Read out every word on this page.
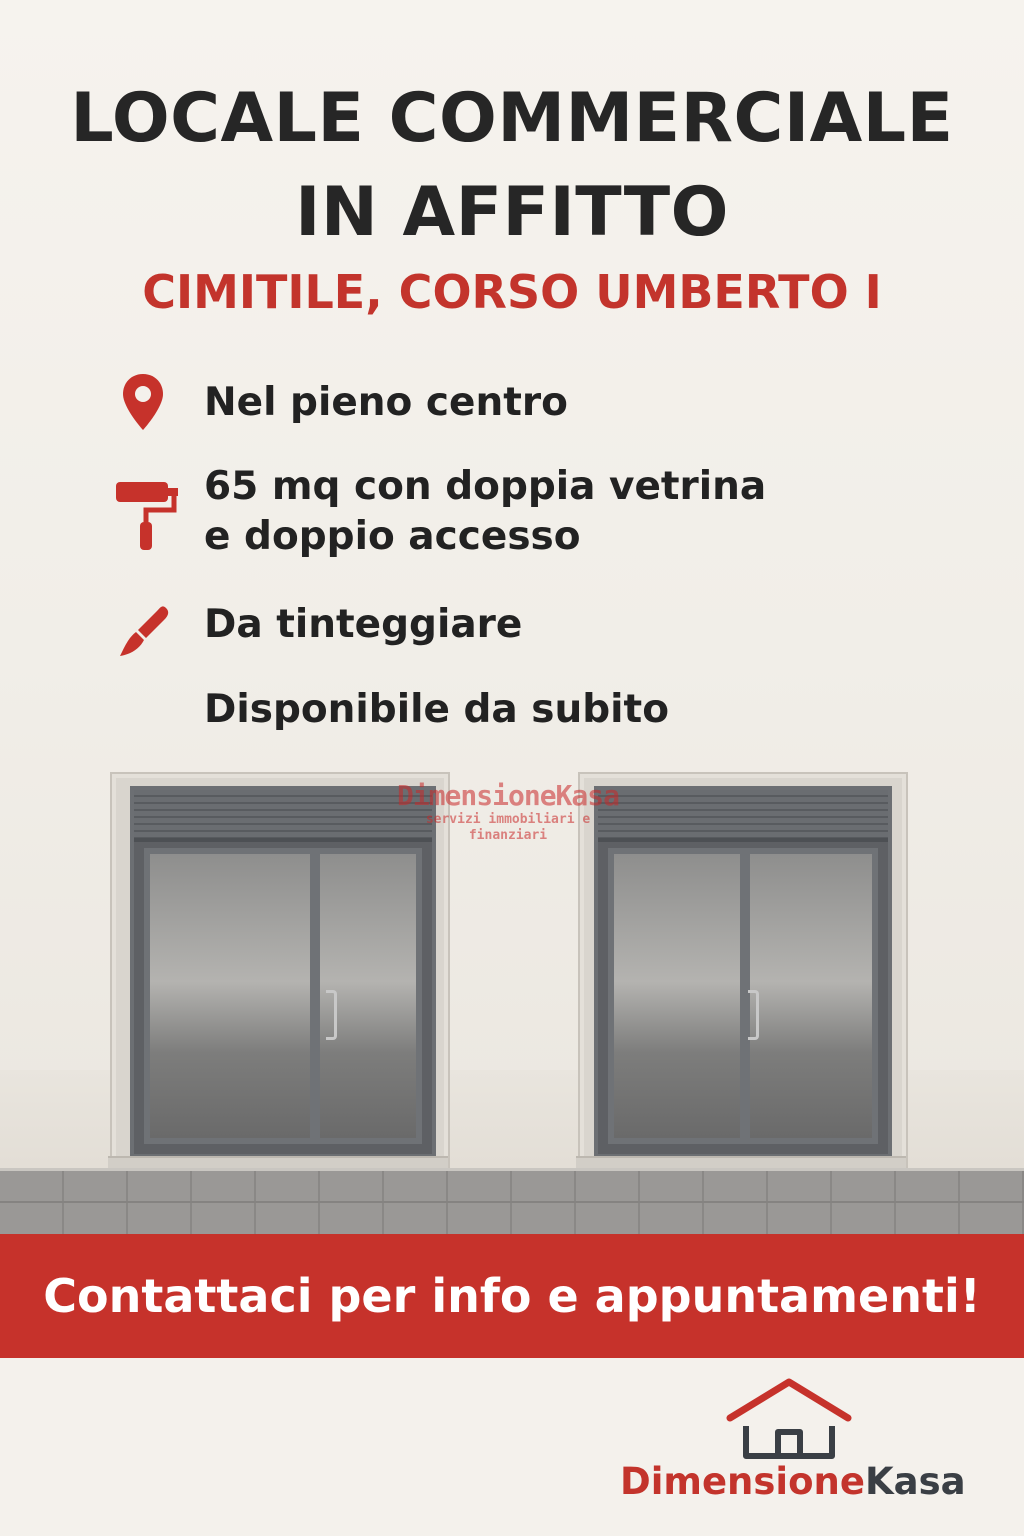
LOCALE COMMERCIALE
IN AFFITTO
CIMITILE, CORSO UMBERTO I
Nel pieno centro
65 mq con doppia vetrina
e doppio accesso
Da tinteggiare
Disponibile da subito
DimensioneKasa
servizi immobiliari e finanziari
Contattaci per info e appuntamenti!
DimensioneKasa
